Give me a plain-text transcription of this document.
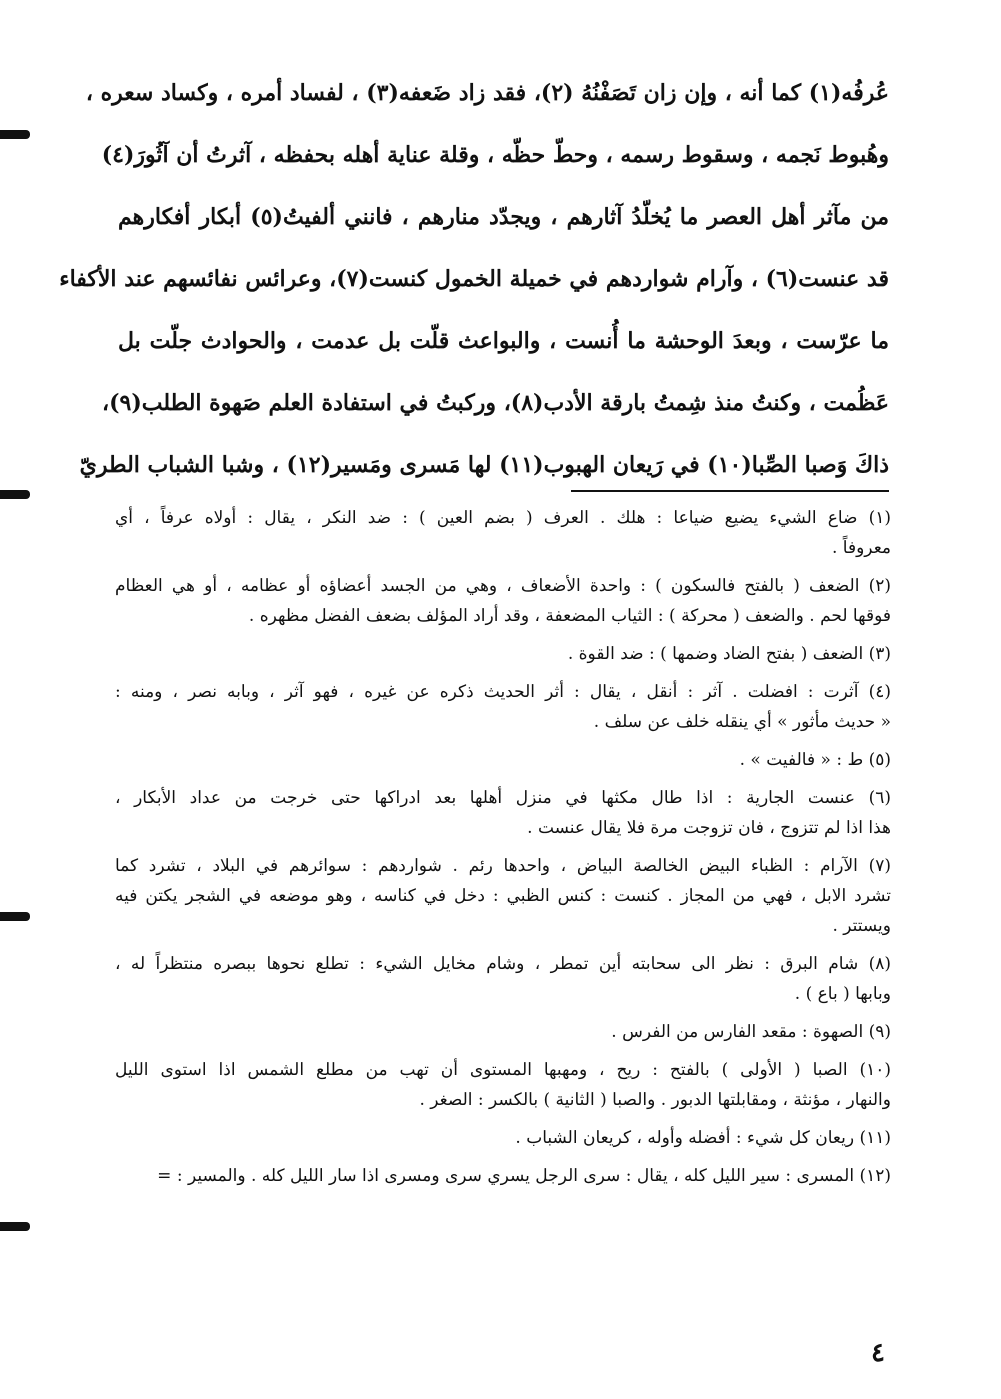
عُرفُه(١) كما أنه ، وإن زان تَصَفْنُهُ (٢)، فقد زاد ضَعفه(٣) ، لفساد أمره ، وكساد سعره ،
وهُبوط نَجمه ، وسقوط رسمه ، وحطّ حظّه ، وقلة عناية أهله بحفظه ، آثرتُ أن آثُورَ(٤)
من مآثر أهل العصر ما يُخلّدُ آثارهم ، ويجدّد منارهم ، فانني ألفيتُ(٥) أبكار أفكارهم
قد عنست(٦) ، وآرام شواردهم في خميلة الخمول كنست(٧)، وعرائس نفائسهم عند الأكفاء
ما عرّست ، وبعدَ الوحشة ما أُنست ، والبواعث قلّت بل عدمت ، والحوادث جلّت بل
عَظُمت ، وكنتُ منذ شِمتُ بارقة الأدب(٨)، وركبتُ في استفادة العلم صَهوة الطلب(٩)،
ذاكَ وَصبا الصِّبا(١٠) في رَيعان الهبوب(١١) لها مَسرى ومَسير(١٢) ، وشبا الشباب الطريّ
(١) ضاع الشيء يضيع ضياعا : هلك . العرف ( بضم العين ) : ضد النكر ، يقال : أولاه عرفاً ، أي
معروفاً .
(٢) الضعف ( بالفتح فالسكون ) : واحدة الأضعاف ، وهي من الجسد أعضاؤه أو عظامه ، أو هي العظام
فوقها لحم . والضعف ( محركة ) : الثياب المضعفة ، وقد أراد المؤلف بضعف الفضل مظهره .
(٣) الضعف ( بفتح الضاد وضمها ) : ضد القوة .
(٤) آثرت : افضلت . آثر : أنقل ، يقال : أثر الحديث ذكره عن غيره ، فهو آثر ، وبابه نصر ، ومنه :
« حديث مأثور » أي ينقله خلف عن سلف .
(٥) ط : « فالفيت » .
(٦) عنست الجارية : اذا طال مكثها في منزل أهلها بعد ادراكها حتى خرجت من عداد الأبكار ،
هذا اذا لم تتزوج ، فان تزوجت مرة فلا يقال عنست .
(٧) الآرام : الظباء البيض الخالصة البياض ، واحدها رئم . شواردهم : سوائرهم في البلاد ، تشرد كما
تشرد الابل ، فهي من المجاز . كنست : كنس الظبي : دخل في كناسه ، وهو موضعه في الشجر يكتن فيه
ويستتر .
(٨) شام البرق : نظر الى سحابته أين تمطر ، وشام مخايل الشيء : تطلع نحوها ببصره منتظراً له ،
وبابها ( باع ) .
(٩) الصهوة : مقعد الفارس من الفرس .
(١٠) الصبا ( الأولى ) بالفتح : ريح ، ومهبها المستوى أن تهب من مطلع الشمس اذا استوى الليل
والنهار ، مؤنثة ، ومقابلتها الدبور . والصبا ( الثانية ) بالكسر : الصغر .
(١١) ريعان كل شيء : أفضله وأوله ، كريعان الشباب .
(١٢) المسرى : سير الليل كله ، يقال : سرى الرجل يسري سرى ومسرى اذا سار الليل كله . والمسير : =
٤
